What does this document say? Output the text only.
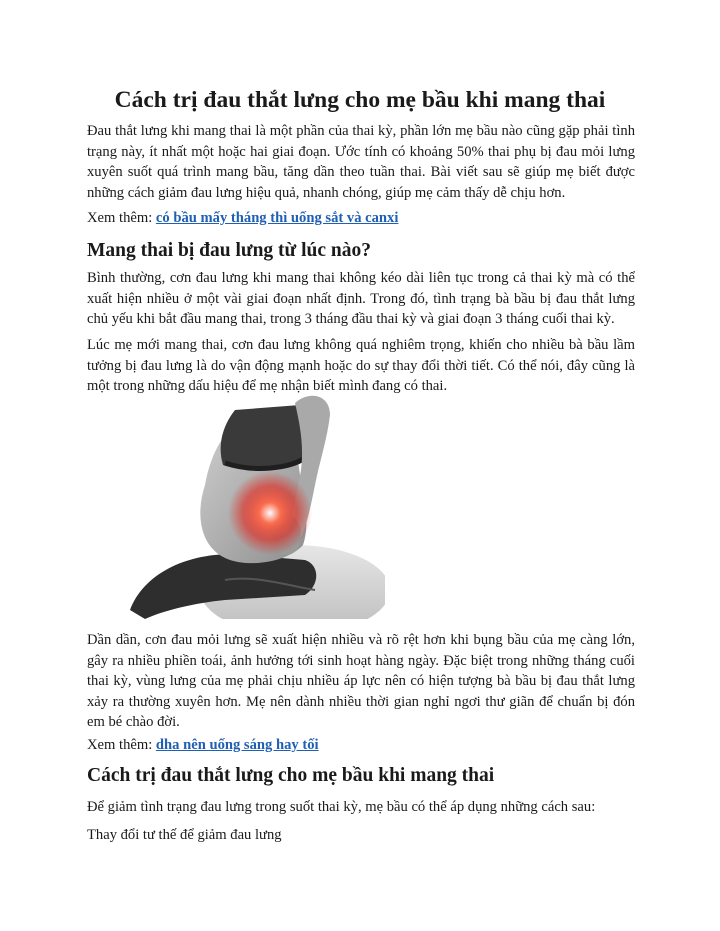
Cách trị đau thắt lưng cho mẹ bầu khi mang thai

Đau thắt lưng khi mang thai là một phần của thai kỳ, phần lớn mẹ bầu nào cũng gặp phải tình trạng này, ít nhất một hoặc hai giai đoạn. Ước tính có khoảng 50% thai phụ bị đau mỏi lưng xuyên suốt quá trình mang bầu, tăng dần theo tuần thai. Bài viết sau sẽ giúp mẹ biết được những cách giảm đau lưng hiệu quả, nhanh chóng, giúp mẹ cảm thấy dễ chịu hơn.

Xem thêm: có bầu mấy tháng thì uống sắt và canxi

Mang thai bị đau lưng từ lúc nào?

Bình thường, cơn đau lưng khi mang thai không kéo dài liên tục trong cả thai kỳ mà có thể xuất hiện nhiều ở một vài giai đoạn nhất định. Trong đó, tình trạng bà bầu bị đau thắt lưng chủ yếu khi bắt đầu mang thai, trong 3 tháng đầu thai kỳ và giai đoạn 3 tháng cuối thai kỳ.

Lúc mẹ mới mang thai, cơn đau lưng không quá nghiêm trọng, khiến cho nhiều bà bầu lầm tưởng bị đau lưng là do vận động mạnh hoặc do sự thay đổi thời tiết. Có thể nói, đây cũng là một trong những dấu hiệu để mẹ nhận biết mình đang có thai.

Dần dần, cơn đau mỏi lưng sẽ xuất hiện nhiều và rõ rệt hơn khi bụng bầu của mẹ càng lớn, gây ra nhiều phiền toái, ảnh hưởng tới sinh hoạt hàng ngày. Đặc biệt trong những tháng cuối thai kỳ, vùng lưng của mẹ phải chịu nhiều áp lực nên có hiện tượng bà bầu bị đau thắt lưng xảy ra thường xuyên hơn. Mẹ nên dành nhiều thời gian nghỉ ngơi thư giãn để chuẩn bị đón em bé chào đời.

Xem thêm: dha nên uống sáng hay tối

Cách trị đau thắt lưng cho mẹ bầu khi mang thai

Để giảm tình trạng đau lưng trong suốt thai kỳ, mẹ bầu có thể áp dụng những cách sau:

Thay đổi tư thế để giảm đau lưng
